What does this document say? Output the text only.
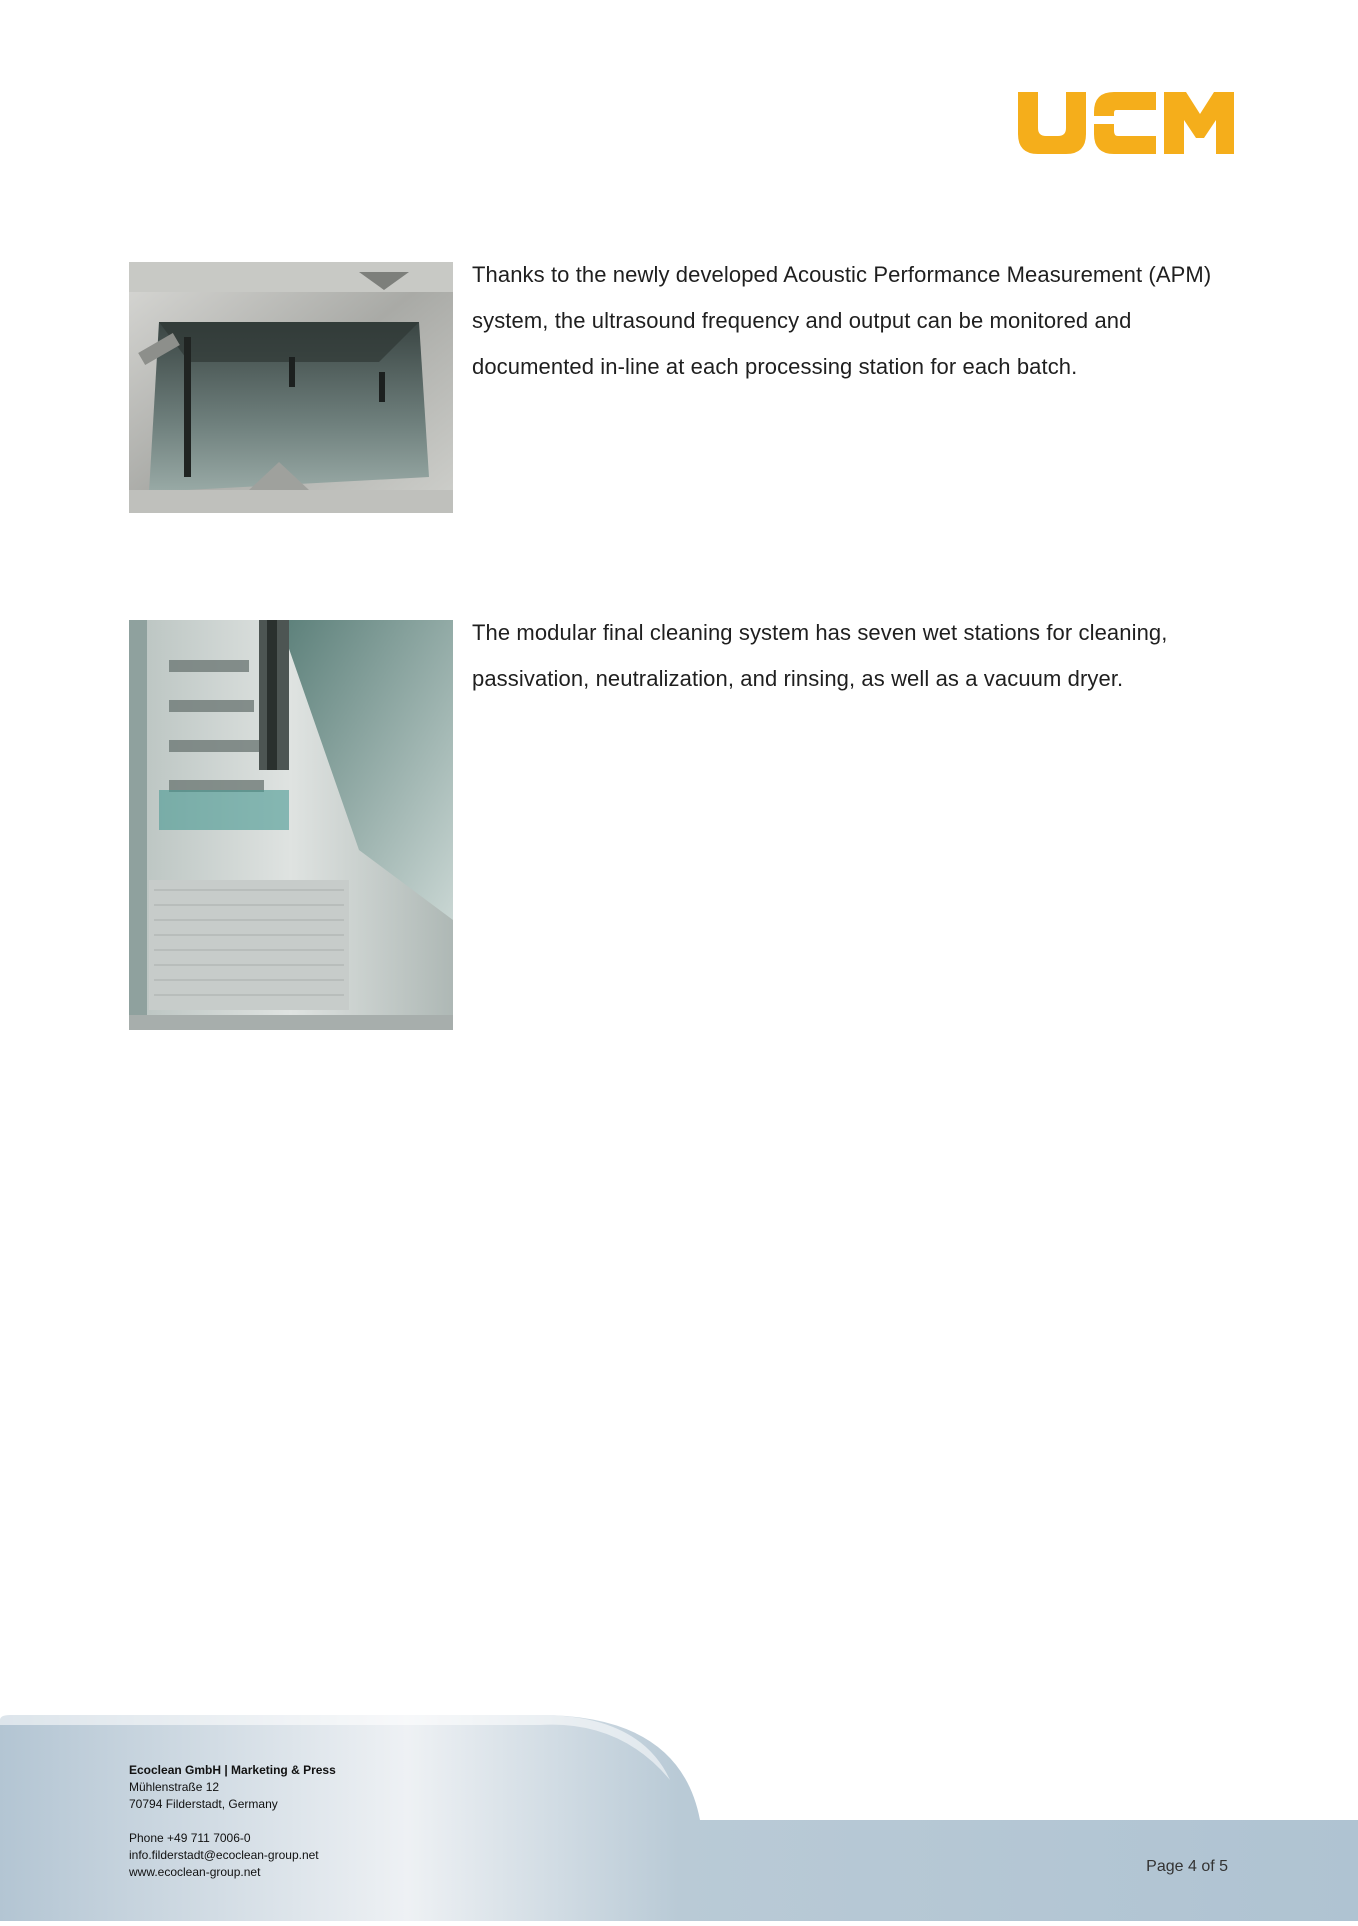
Thanks to the newly developed Acoustic Performance Measurement (APM) system, the ultrasound frequency and output can be monitored and documented in-line at each processing station for each batch.

The modular final cleaning system has seven wet stations for cleaning, passivation, neutralization, and rinsing, as well as a vacuum dryer.

Ecoclean GmbH | Marketing & Press
Mühlenstraße 12
70794 Filderstadt, Germany
Phone +49 711 7006-0
info.filderstadt@ecoclean-group.net
www.ecoclean-group.net	Page 4 of 5
